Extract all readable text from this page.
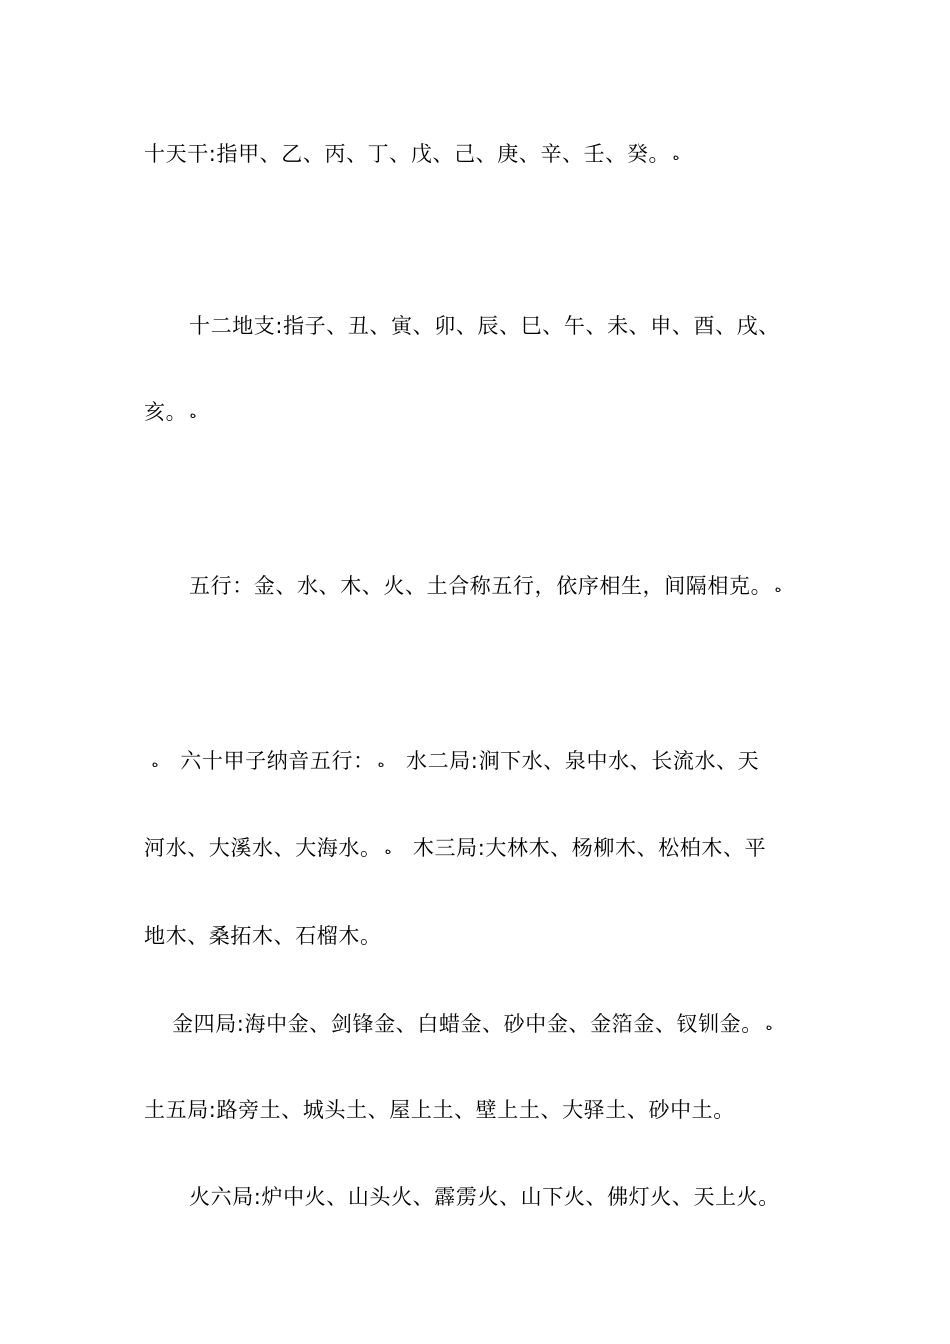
十天干:指甲、乙、丙、丁、戊、己、庚、辛、壬、癸。 ﻩ
十二地支:指子、丑、寅、卯、辰、巳、午、未、申、酉、戌、
亥。 ﻩ
五行：金、水、木、火、土合称五行，依序相生，间隔相克。 ﻩ
ﻩ 六十甲子纳音五行： ﻩ 水二局:涧下水、泉中水、长流水、天
河水、大溪水、大海水。 ﻩ 木三局:大林木、杨柳木、松柏木、平
地木、桑拓木、石榴木。
金四局:海中金、剑锋金、白蜡金、砂中金、金箔金、钗钏金。 ﻩ
土五局:路旁土、城头土、屋上土、壁上土、大驿土、砂中土。
火六局:炉中火、山头火、霹雳火、山下火、佛灯火、天上火。
